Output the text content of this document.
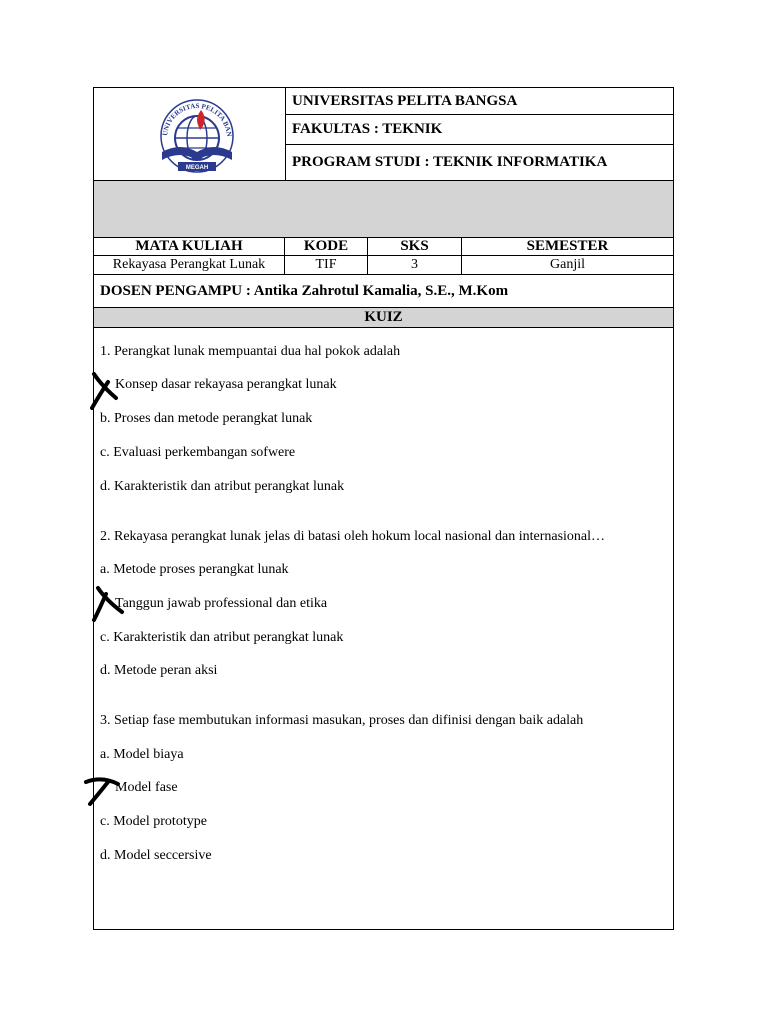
UNIVERSITAS PELITA BAN
MEGAH
UNIVERSITAS PELITA BANGSA
FAKULTAS : TEKNIK
PROGRAM STUDI : TEKNIK INFORMATIKA
MATA KULIAH	KODE	SKS	SEMESTER
Rekayasa Perangkat Lunak	TIF	3	Ganjil
DOSEN PENGAMPU : Antika Zahrotul Kamalia, S.E., M.Kom
KUIZ
1. Perangkat lunak mempuantai dua hal pokok adalah
Konsep dasar rekayasa perangkat lunak
b. Proses dan metode perangkat lunak
c. Evaluasi perkembangan sofwere
d. Karakteristik dan atribut perangkat lunak
2. Rekayasa perangkat lunak jelas di batasi oleh hokum local nasional dan internasional…
a. Metode proses perangkat lunak
Tanggun jawab professional dan etika
c. Karakteristik dan atribut perangkat lunak
d. Metode peran aksi
3. Setiap fase membutukan informasi masukan, proses dan difinisi dengan baik adalah
a. Model biaya
Model fase
c. Model prototype
d. Model seccersive
